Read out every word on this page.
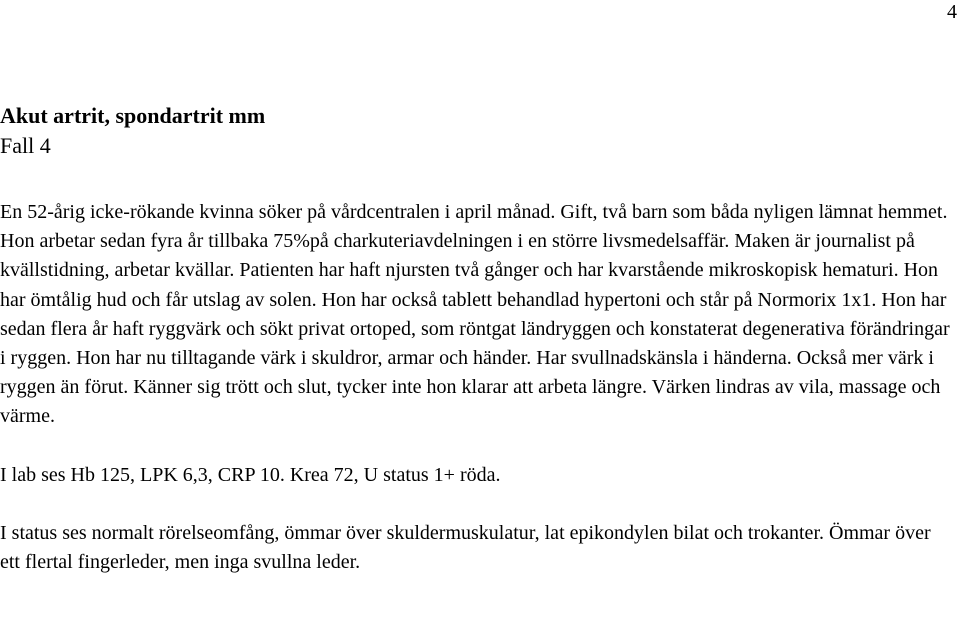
4
Akut artrit, spondartrit mm
Fall 4

En 52-årig icke-rökande kvinna söker på vårdcentralen i april månad. Gift, två barn som båda nyligen lämnat hemmet. Hon arbetar sedan fyra år tillbaka 75%på charkuteriavdelningen i en större livsmedelsaffär. Maken är journalist på kvällstidning, arbetar kvällar. Patienten har haft njursten två gånger och har kvarstående mikroskopisk hematuri. Hon har ömtålig hud och får utslag av solen. Hon har också tablett behandlad hypertoni och står på Normorix 1x1. Hon har sedan flera år haft ryggvärk och sökt privat ortoped, som röntgat ländryggen och konstaterat degenerativa förändringar i ryggen. Hon har nu tilltagande värk i skuldror, armar och händer. Har svullnadskänsla i händerna. Också mer värk i ryggen än förut. Känner sig trött och slut, tycker inte hon klarar att arbeta längre. Värken lindras av vila, massage och värme.

I lab ses Hb 125, LPK 6,3, CRP 10. Krea 72, U status 1+ röda.

I status ses normalt rörelseomfång, ömmar över skuldermuskulatur, lat epikondylen bilat och trokanter. Ömmar över ett flertal fingerleder, men inga svullna leder.
